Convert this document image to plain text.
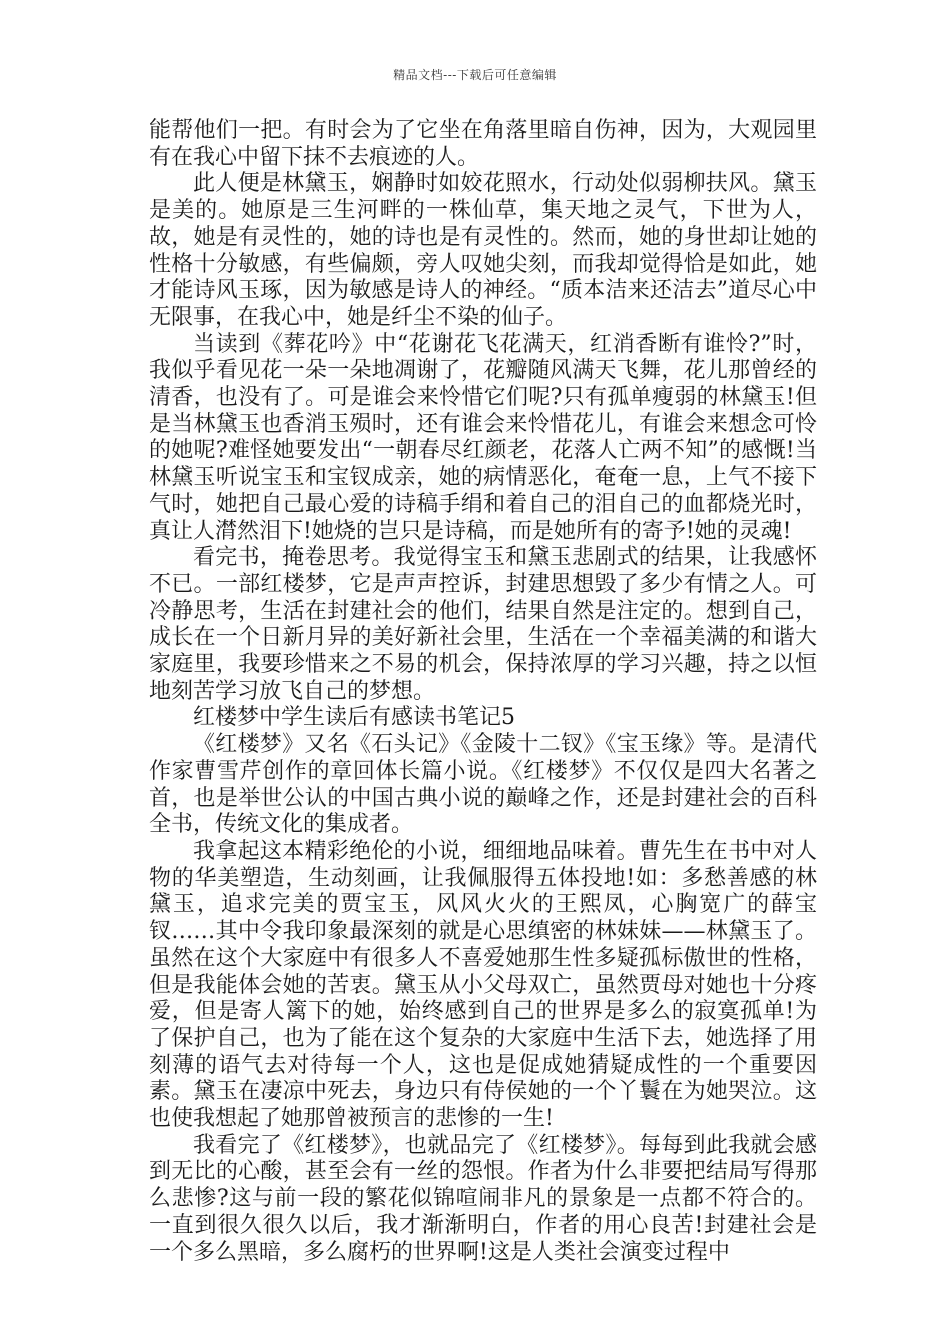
精品文档---下载后可任意编辑

能帮他们一把。有时会为了它坐在角落里暗自伤神，因为，大观园里有在我心中留下抹不去痕迹的人。

此人便是林黛玉，娴静时如姣花照水，行动处似弱柳扶风。黛玉是美的。她原是三生河畔的一株仙草，集天地之灵气，下世为人，故，她是有灵性的，她的诗也是有灵性的。然而，她的身世却让她的性格十分敏感，有些偏颇，旁人叹她尖刻，而我却觉得恰是如此，她才能诗风玉琢，因为敏感是诗人的神经。“质本洁来还洁去”道尽心中无限事，在我心中，她是纤尘不染的仙子。

当读到《葬花吟》中“花谢花飞花满天，红消香断有谁怜?”时，我似乎看见花一朵一朵地凋谢了，花瓣随风满天飞舞，花儿那曾经的清香，也没有了。可是谁会来怜惜它们呢?只有孤单瘦弱的林黛玉!但是当林黛玉也香消玉殒时，还有谁会来怜惜花儿，有谁会来想念可怜的她呢?难怪她要发出“一朝春尽红颜老，花落人亡两不知”的感慨!当林黛玉听说宝玉和宝钗成亲，她的病情恶化，奄奄一息，上气不接下气时，她把自己最心爱的诗稿手绢和着自己的泪自己的血都烧光时，真让人潸然泪下!她烧的岂只是诗稿，而是她所有的寄予!她的灵魂!

看完书，掩卷思考。我觉得宝玉和黛玉悲剧式的结果，让我感怀不已。一部红楼梦，它是声声控诉，封建思想毁了多少有情之人。可冷静思考，生活在封建社会的他们，结果自然是注定的。想到自己，成长在一个日新月异的美好新社会里，生活在一个幸福美满的和谐大家庭里，我要珍惜来之不易的机会，保持浓厚的学习兴趣，持之以恒地刻苦学习放飞自己的梦想。

红楼梦中学生读后有感读书笔记5

《红楼梦》又名《石头记》《金陵十二钗》《宝玉缘》等。是清代作家曹雪芹创作的章回体长篇小说。《红楼梦》不仅仅是四大名著之首，也是举世公认的中国古典小说的巅峰之作，还是封建社会的百科全书，传统文化的集成者。

我拿起这本精彩绝伦的小说，细细地品味着。曹先生在书中对人物的华美塑造，生动刻画，让我佩服得五体投地!如：多愁善感的林黛玉，追求完美的贾宝玉，风风火火的王熙凤，心胸宽广的薛宝钗……其中令我印象最深刻的就是心思缜密的林妹妹——林黛玉了。虽然在这个大家庭中有很多人不喜爱她那生性多疑孤标傲世的性格，但是我能体会她的苦衷。黛玉从小父母双亡，虽然贾母对她也十分疼爱，但是寄人篱下的她，始终感到自己的世界是多么的寂寞孤单!为了保护自己，也为了能在这个复杂的大家庭中生活下去，她选择了用刻薄的语气去对待每一个人，这也是促成她猜疑成性的一个重要因素。黛玉在凄凉中死去，身边只有侍侯她的一个丫鬟在为她哭泣。这也使我想起了她那曾被预言的悲惨的一生!

我看完了《红楼梦》，也就品完了《红楼梦》。每每到此我就会感到无比的心酸，甚至会有一丝的怨恨。作者为什么非要把结局写得那么悲惨?这与前一段的繁花似锦喧闹非凡的景象是一点都不符合的。一直到很久很久以后，我才渐渐明白，作者的用心良苦!封建社会是一个多么黑暗，多么腐朽的世界啊!这是人类社会演变过程中
